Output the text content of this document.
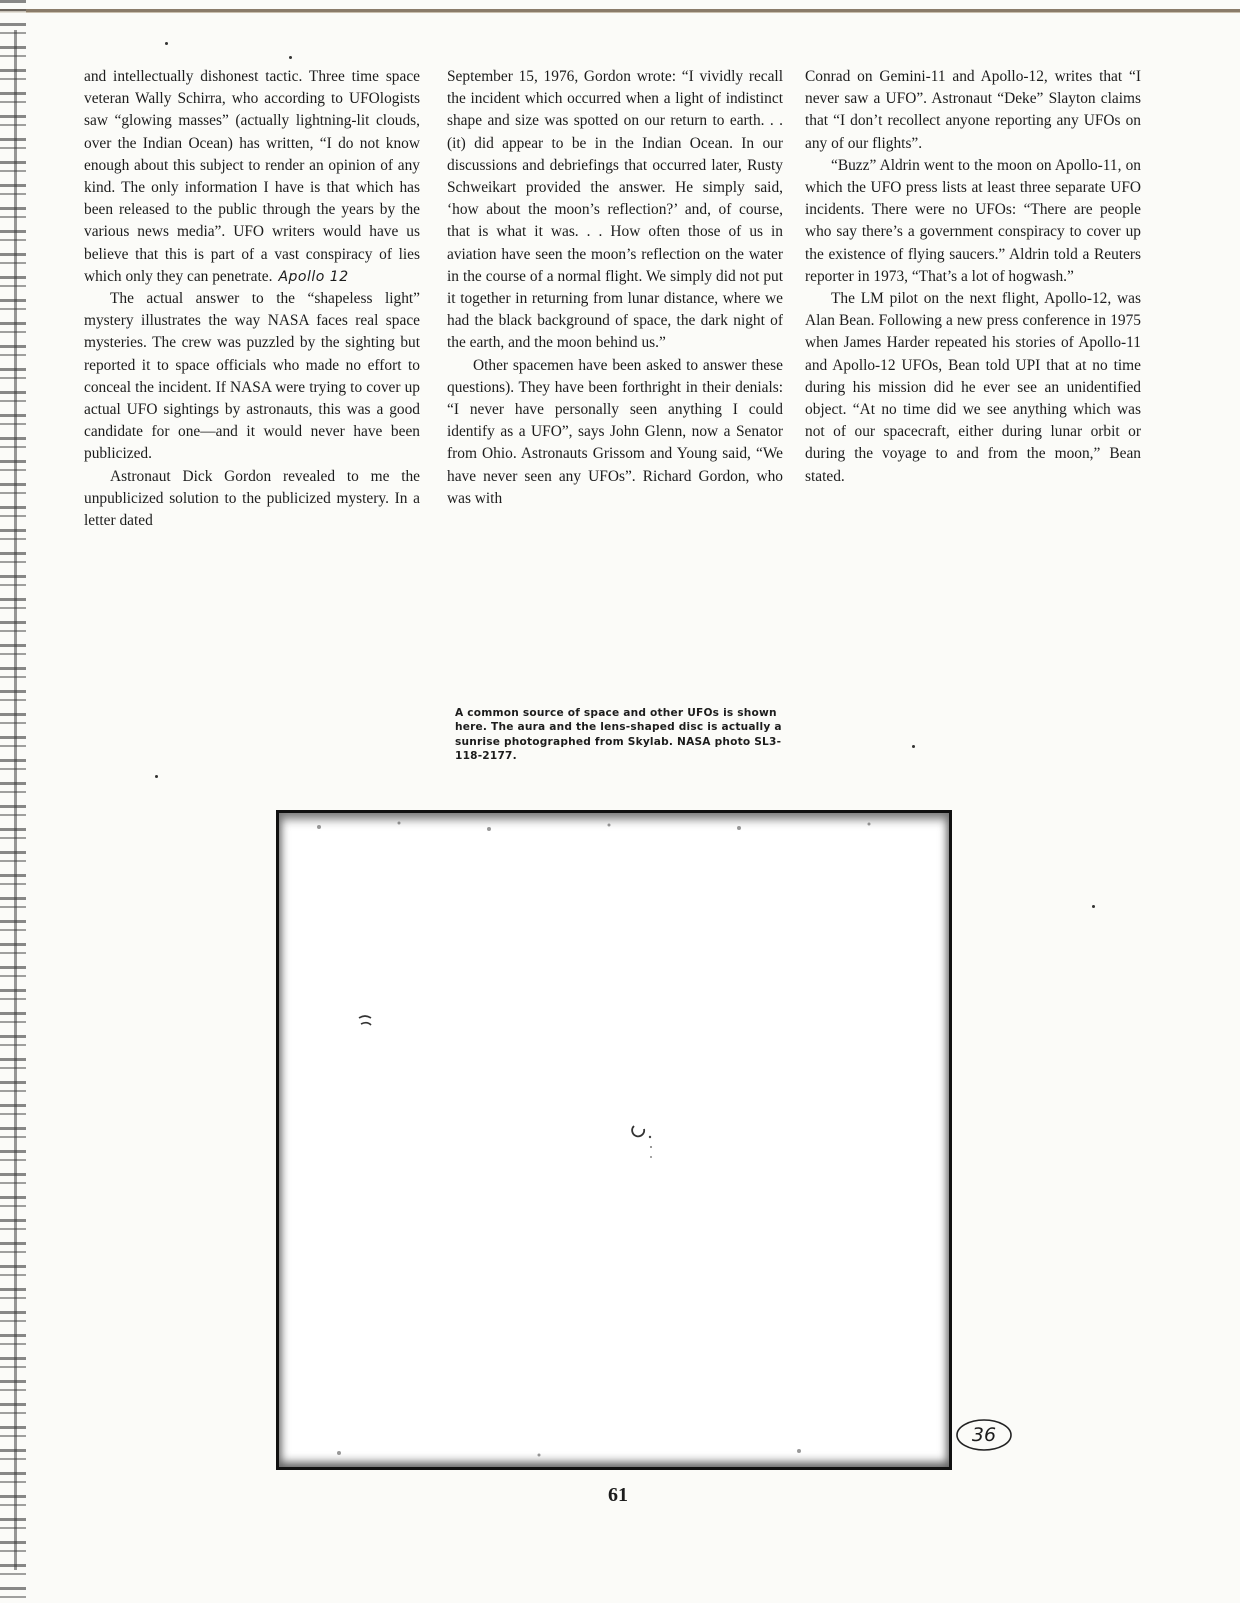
and intellectually dishonest tactic. Three time space veteran Wally Schirra, who according to UFOlogists saw “glowing masses” (actually lightning-lit clouds, over the Indian Ocean) has written, “I do not know enough about this subject to render an opinion of any kind. The only information I have is that which has been released to the public through the years by the various news media”. UFO writers would have us believe that this is part of a vast conspiracy of lies which only they can penetrate. Apollo 12

The actual answer to the “shapeless light” mystery illustrates the way NASA faces real space mysteries. The crew was puzzled by the sighting but reported it to space officials who made no effort to conceal the incident. If NASA were trying to cover up actual UFO sightings by astronauts, this was a good candidate for one—and it would never have been publicized.

Astronaut Dick Gordon revealed to me the unpublicized solution to the publicized mystery. In a letter dated

September 15, 1976, Gordon wrote: “I vividly recall the incident which occurred when a light of indistinct shape and size was spotted on our return to earth. . . (it) did appear to be in the Indian Ocean. In our discussions and debriefings that occurred later, Rusty Schweikart provided the answer. He simply said, ‘how about the moon’s reflection?’ and, of course, that is what it was. . . How often those of us in aviation have seen the moon’s reflection on the water in the course of a normal flight. We simply did not put it together in returning from lunar distance, where we had the black background of space, the dark night of the earth, and the moon behind us.”

Other spacemen have been asked to answer these questions). They have been forthright in their denials: “I never have personally seen anything I could identify as a UFO”, says John Glenn, now a Senator from Ohio. Astronauts Grissom and Young said, “We have never seen any UFOs”. Richard Gordon, who was with

Conrad on Gemini-11 and Apollo-12, writes that “I never saw a UFO”. Astronaut “Deke” Slayton claims that “I don’t recollect anyone reporting any UFOs on any of our flights”.

“Buzz” Aldrin went to the moon on Apollo-11, on which the UFO press lists at least three separate UFO incidents. There were no UFOs: “There are people who say there’s a government conspiracy to cover up the existence of flying saucers.” Aldrin told a Reuters reporter in 1973, “That’s a lot of hogwash.”

The LM pilot on the next flight, Apollo-12, was Alan Bean. Following a new press conference in 1975 when James Harder repeated his stories of Apollo-11 and Apollo-12 UFOs, Bean told UPI that at no time during his mission did he ever see an unidentified object. “At no time did we see anything which was not of our spacecraft, either during lunar orbit or during the voyage to and from the moon,” Bean stated.

A common source of space and other UFOs is shown here. The aura and the lens-shaped disc is actually a sunrise photographed from Skylab. NASA photo SL3-118-2177.
36
61
